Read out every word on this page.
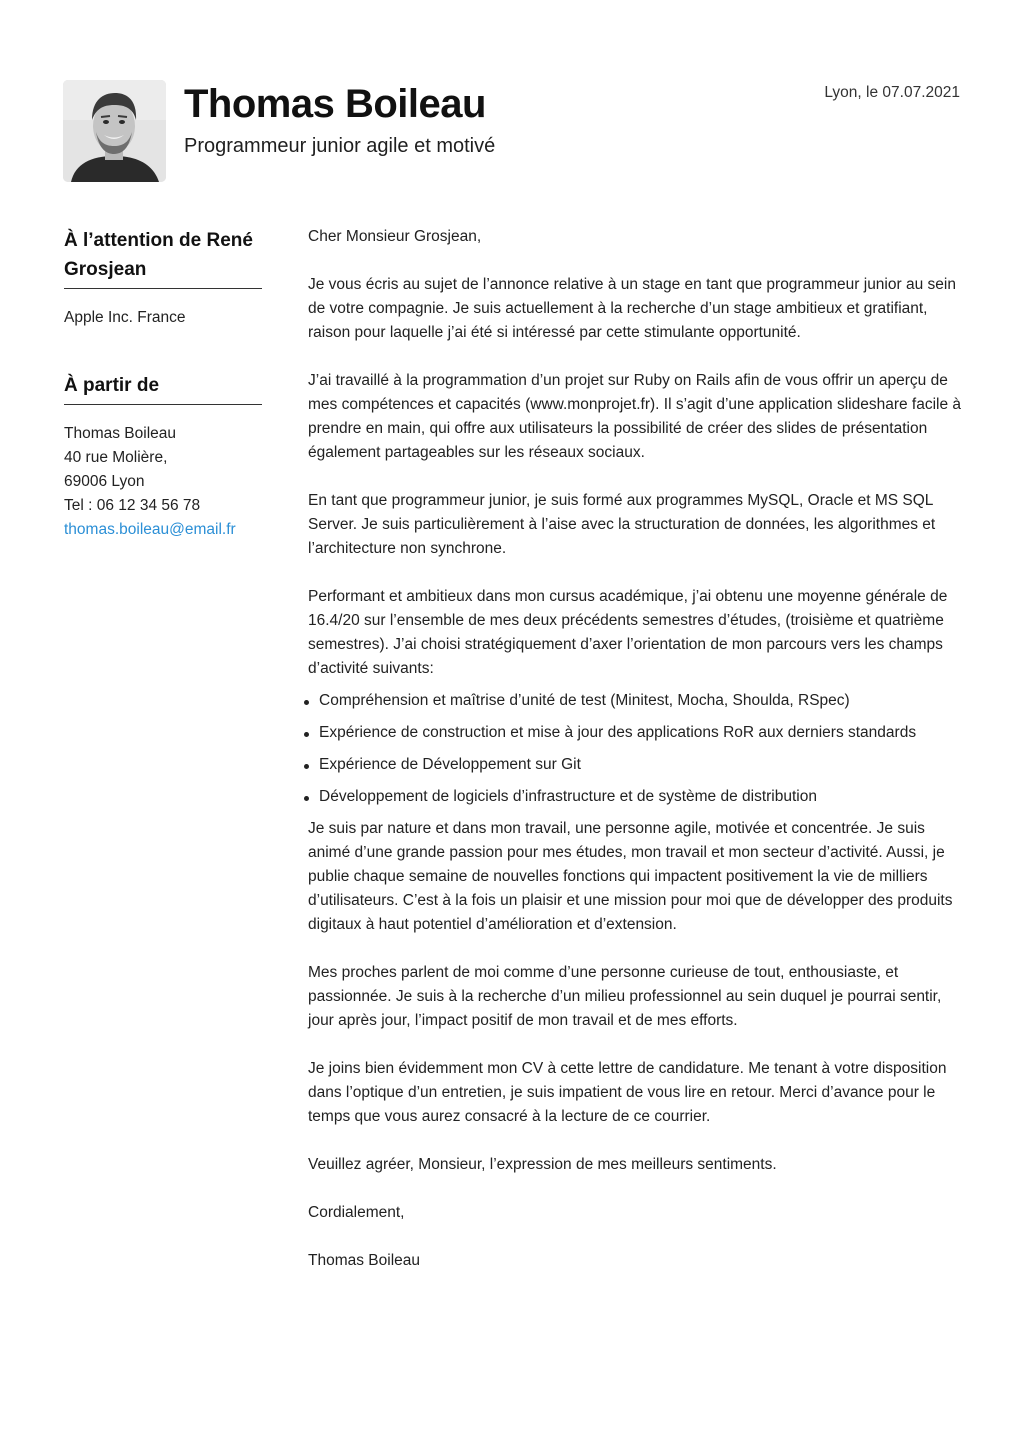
Thomas Boileau

Programmeur junior agile et motivé

Lyon, le 07.07.2021
À l’attention de René Grosjean
Apple Inc. France
À partir de
Thomas Boileau
40 rue Molière,
69006 Lyon
Tel : 06 12 34 56 78
thomas.boileau@email.fr

Cher Monsieur Grosjean,

Je vous écris au sujet de l’annonce relative à un stage en tant que programmeur junior au sein de votre compagnie. Je suis actuellement à la recherche d’un stage ambitieux et gratifiant, raison pour laquelle j’ai été si intéressé par cette stimulante opportunité.

J’ai travaillé à la programmation d’un projet sur Ruby on Rails afin de vous offrir un aperçu de mes compétences et capacités (www.monprojet.fr). Il s’agit d’une application slideshare facile à prendre en main, qui offre aux utilisateurs la possibilité de créer des slides de présentation également partageables sur les réseaux sociaux.

En tant que programmeur junior, je suis formé aux programmes MySQL, Oracle et MS SQL Server. Je suis particulièrement à l’aise avec la structuration de données, les algorithmes et l’architecture non synchrone.

Performant et ambitieux dans mon cursus académique, j’ai obtenu une moyenne générale de 16.4/20 sur l’ensemble de mes deux précédents semestres d’études, (troisième et quatrième semestres). J’ai choisi stratégiquement d’axer l’orientation de mon parcours vers les champs d’activité suivants:

Compréhension et maîtrise d’unité de test (Minitest, Mocha, Shoulda, RSpec)
Expérience de construction et mise à jour des applications RoR aux derniers standards
Expérience de Développement sur Git
Développement de logiciels d’infrastructure et de système de distribution

Je suis par nature et dans mon travail, une personne agile, motivée et concentrée. Je suis animé d’une grande passion pour mes études, mon travail et mon secteur d’activité. Aussi, je publie chaque semaine de nouvelles fonctions qui impactent positivement la vie de milliers d’utilisateurs. C’est à la fois un plaisir et une mission pour moi que de développer des produits digitaux à haut potentiel d’amélioration et d’extension.

Mes proches parlent de moi comme d’une personne curieuse de tout, enthousiaste, et passionnée. Je suis à la recherche d’un milieu professionnel au sein duquel je pourrai sentir, jour après jour, l’impact positif de mon travail et de mes efforts.

Je joins bien évidemment mon CV à cette lettre de candidature. Me tenant à votre disposition dans l’optique d’un entretien, je suis impatient de vous lire en retour. Merci d’avance pour le temps que vous aurez consacré à la lecture de ce courrier.

Veuillez agréer, Monsieur, l’expression de mes meilleurs sentiments.

Cordialement,

Thomas Boileau
